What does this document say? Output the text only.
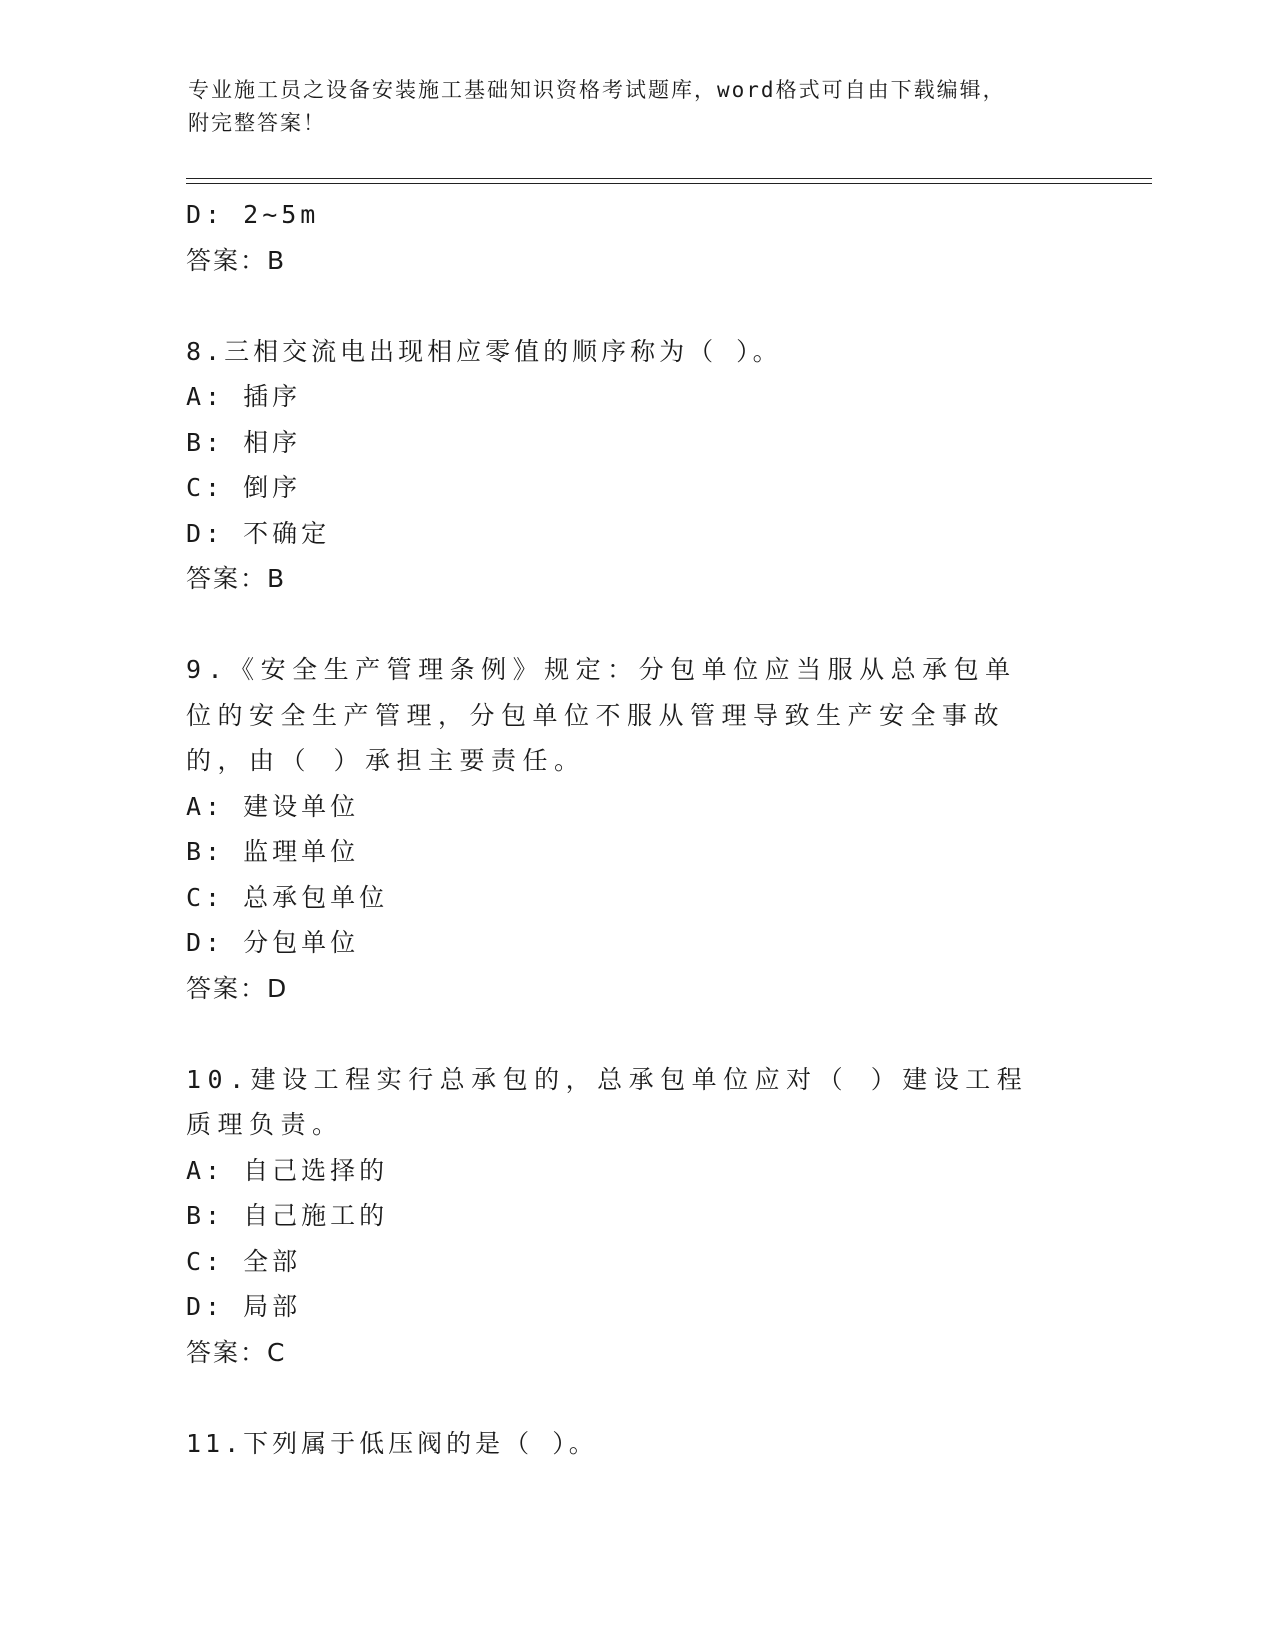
专业施工员之设备安装施工基础知识资格考试题库，word格式可自由下载编辑，
附完整答案！
D: 2~5m
答案：B
8.三相交流电出现相应零值的顺序称为（ ）。
A: 插序
B: 相序
C: 倒序
D: 不确定
答案：B
9.《安全生产管理条例》规定：分包单位应当服从总承包单位的安全生产管理，分包单位不服从管理导致生产安全事故的，由（ ）承担主要责任。
A: 建设单位
B: 监理单位
C: 总承包单位
D: 分包单位
答案：D
10.建设工程实行总承包的，总承包单位应对（ ）建设工程质理负责。
A: 自己选择的
B: 自己施工的
C: 全部
D: 局部
答案：C
11.下列属于低压阀的是（ ）。
